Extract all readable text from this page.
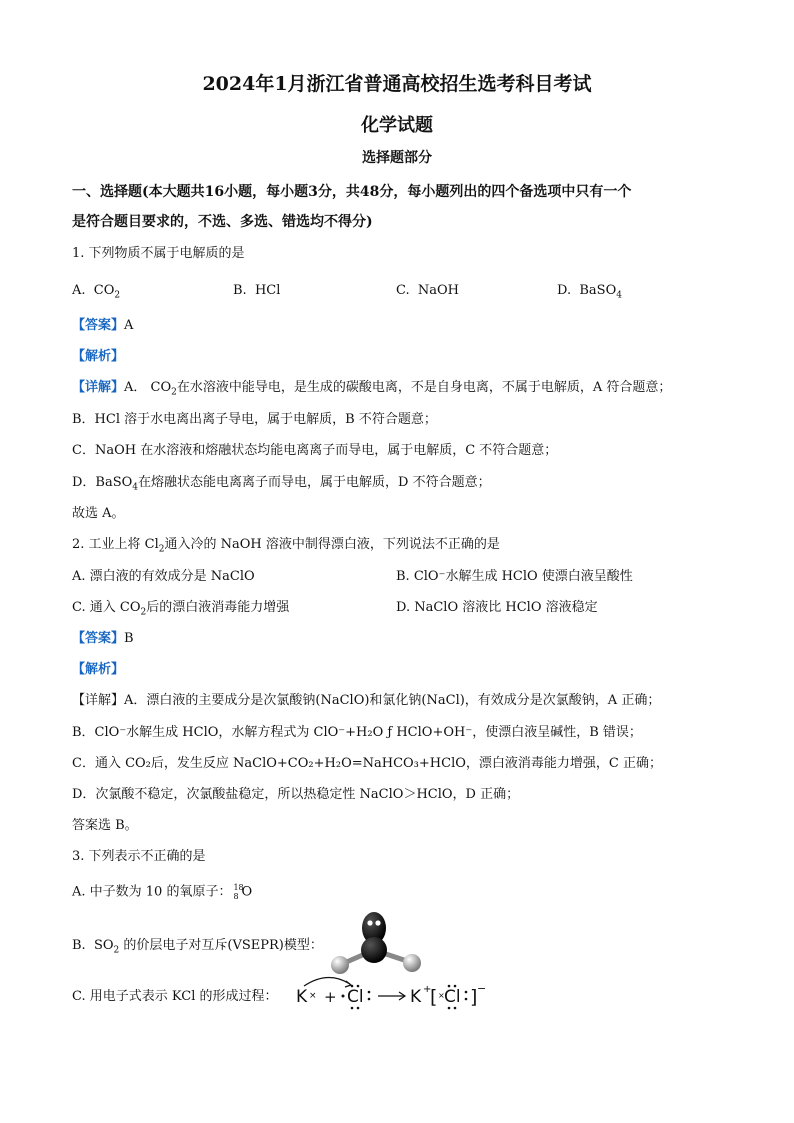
2024年1月浙江省普通高校招生选考科目考试
化学试题
选择题部分
一、选择题(本大题共16小题，每小题3分，共48分，每小题列出的四个备选项中只有一个
是符合题目要求的，不选、多选、错选均不得分)
1. 下列物质不属于电解质的是
A.  $CO_2$	B. HCl	C. NaOH	D.  BaSO$_4$
【答案】A
【解析】
【详解】A． $CO_2$在水溶液中能导电，是生成的碳酸电离，不是自身电离，不属于电解质，A 符合题意；
B．HCl 溶于水电离出离子导电，属于电解质，B 不符合题意；
C．NaOH 在水溶液和熔融状态均能电离离子而导电，属于电解质，C 不符合题意；
D．BaSO$_4$在熔融状态能电离离子而导电，属于电解质，D 不符合题意；
故选 A。
2. 工业上将 $Cl_2$通入冷的 NaOH 溶液中制得漂白液，下列说法不正确的是
A. 漂白液的有效成分是 NaClO	B. ClO⁻水解生成 HClO 使漂白液呈酸性
C. 通入 $CO_2$后的漂白液消毒能力增强	D. NaClO 溶液比 HClO 溶液稳定
【答案】B
【解析】
【详解】A．漂白液的主要成分是次氯酸钠(NaClO)和氯化钠(NaCl)，有效成分是次氯酸钠，A 正确；
B．ClO⁻水解生成 HClO，水解方程式为 ClO⁻+H₂O ƒ HClO+OH⁻，使漂白液呈碱性，B 错误；
C．通入 CO₂后，发生反应 NaClO+CO₂+H₂O=NaHCO₃+HClO，漂白液消毒能力增强，C 正确；
D．次氯酸不稳定，次氯酸盐稳定，所以热稳定性 NaClO＞HClO，D 正确；
答案选 B。
3. 下列表示不正确的是
A. 中子数为 10 的氧原子： 18
8 O
B.  $SO_2$ 的价层电子对互斥(VSEPR)模型：
C. 用电子式表示 KCl 的形成过程： K × + Cl	K +
[ × Cl ] −
